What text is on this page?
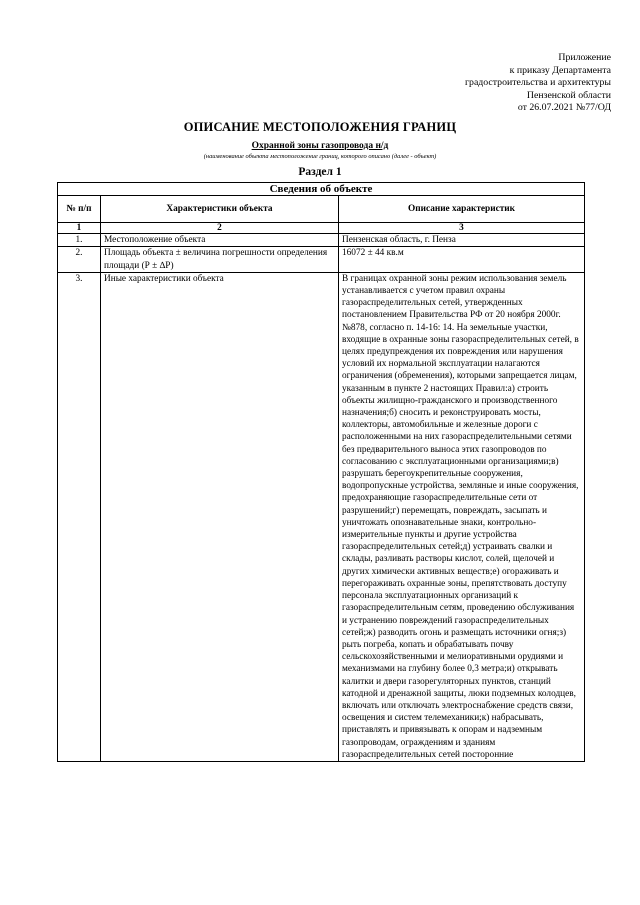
Приложение
к приказу Департамента
градостроительства и архитектуры
Пензенской области
от 26.07.2021 №77/ОД
ОПИСАНИЕ МЕСТОПОЛОЖЕНИЯ ГРАНИЦ
Охранной зоны газопровода н/д
(наименование объекта местоположение границ, которого описано (далее - объект)
Раздел 1
Сведения об объекте		
№ п/п	Характеристики объекта	Описание характеристик
1	2	3
1.	Местоположение объекта	Пензенская область, г. Пенза
2.	Площадь объекта ± величина погрешности определения площади (Р ± ∆Р)	16072 ± 44 кв.м
3.	Иные характеристики объекта	В границах охранной зоны режим использования земель устанавливается с учетом правил охраны газораспределительных сетей, утвержденных постановлением Правительства РФ от 20 ноября 2000г. №878, согласно п. 14-16: 14. На земельные участки, входящие в охранные зоны газораспределительных сетей, в целях предупреждения их повреждения или нарушения условий их нормальной эксплуатации налагаются ограничения (обременения), которыми запрещается лицам, указанным в пункте 2 настоящих Правил:а) строить объекты жилищно-гражданского и производственного назначения;б) сносить и реконструировать мосты, коллекторы, автомобильные и железные дороги с расположенными на них газораспределительными сетями без предварительного выноса этих газопроводов по согласованию с эксплуатационными организациями;в) разрушать берегоукрепительные сооружения, водопропускные устройства, земляные и иные сооружения, предохраняющие газораспределительные сети от разрушений;г) перемещать, повреждать, засыпать и уничтожать опознавательные знаки, контрольно-измерительные пункты и другие устройства газораспределительных сетей;д) устраивать свалки и склады, разливать растворы кислот, солей, щелочей и других химически активных веществ;е) огораживать и перегораживать охранные зоны, препятствовать доступу персонала эксплуатационных организаций к газораспределительным сетям, проведению обслуживания и устранению повреждений газораспределительных сетей;ж) разводить огонь и размещать источники огня;з) рыть погреба, копать и обрабатывать почву сельскохозяйственными и мелиоративными орудиями и механизмами на глубину более 0,3 метра;и) открывать калитки и двери газорегуляторных пунктов, станций катодной и дренажной защиты, люки подземных колодцев, включать или отключать электроснабжение средств связи, освещения и систем телемеханики;к) набрасывать, приставлять и привязывать к опорам и надземным газопроводам, ограждениям и зданиям газораспределительных сетей посторонние
